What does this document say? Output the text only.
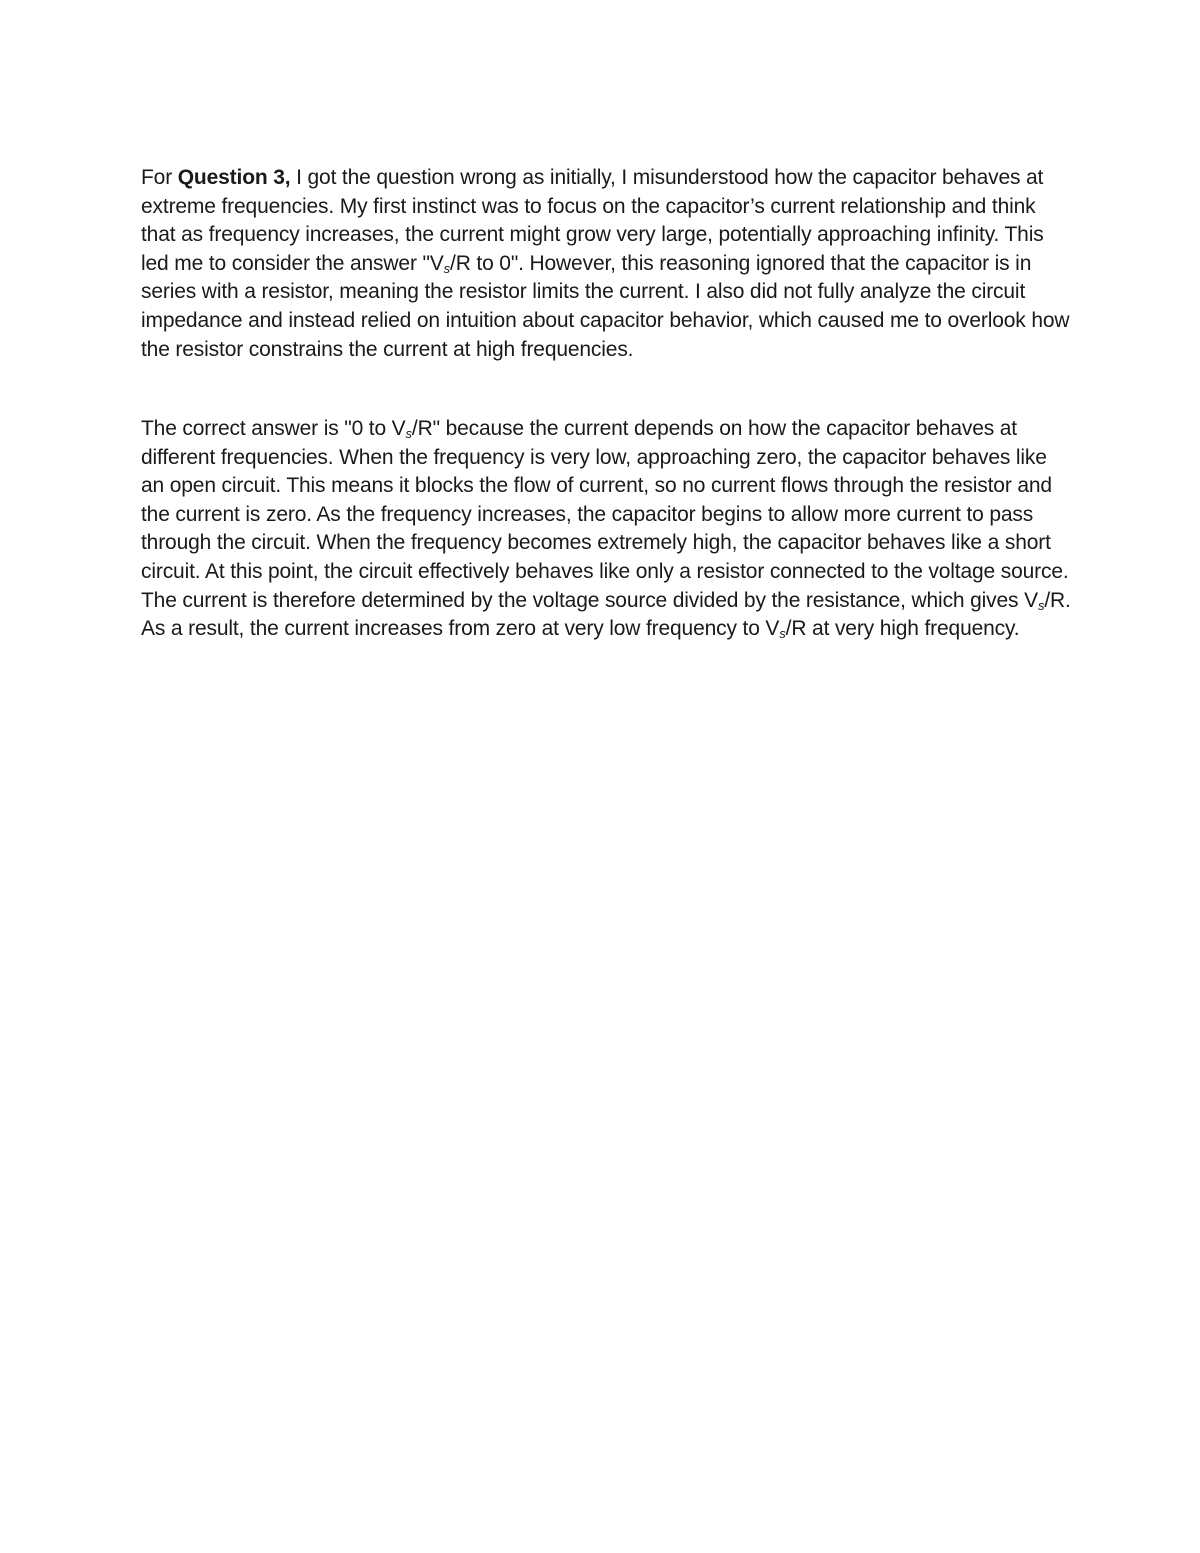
For Question 3, I got the question wrong as initially, I misunderstood how the capacitor behaves at extreme frequencies. My first instinct was to focus on the capacitor’s current relationship and think that as frequency increases, the current might grow very large, potentially approaching infinity. This led me to consider the answer "$V_s/R$ to 0". However, this reasoning ignored that the capacitor is in series with a resistor, meaning the resistor limits the current. I also did not fully analyze the circuit impedance and instead relied on intuition about capacitor behavior, which caused me to overlook how the resistor constrains the current at high frequencies.

The correct answer is "0 to $V_s/R$" because the current depends on how the capacitor behaves at different frequencies. When the frequency is very low, approaching zero, the capacitor behaves like an open circuit. This means it blocks the flow of current, so no current flows through the resistor and the current is zero. As the frequency increases, the capacitor begins to allow more current to pass through the circuit. When the frequency becomes extremely high, the capacitor behaves like a short circuit. At this point, the circuit effectively behaves like only a resistor connected to the voltage source. The current is therefore determined by the voltage source divided by the resistance, which gives $V_s/R$. As a result, the current increases from zero at very low frequency to $V_s/R$ at very high frequency.
